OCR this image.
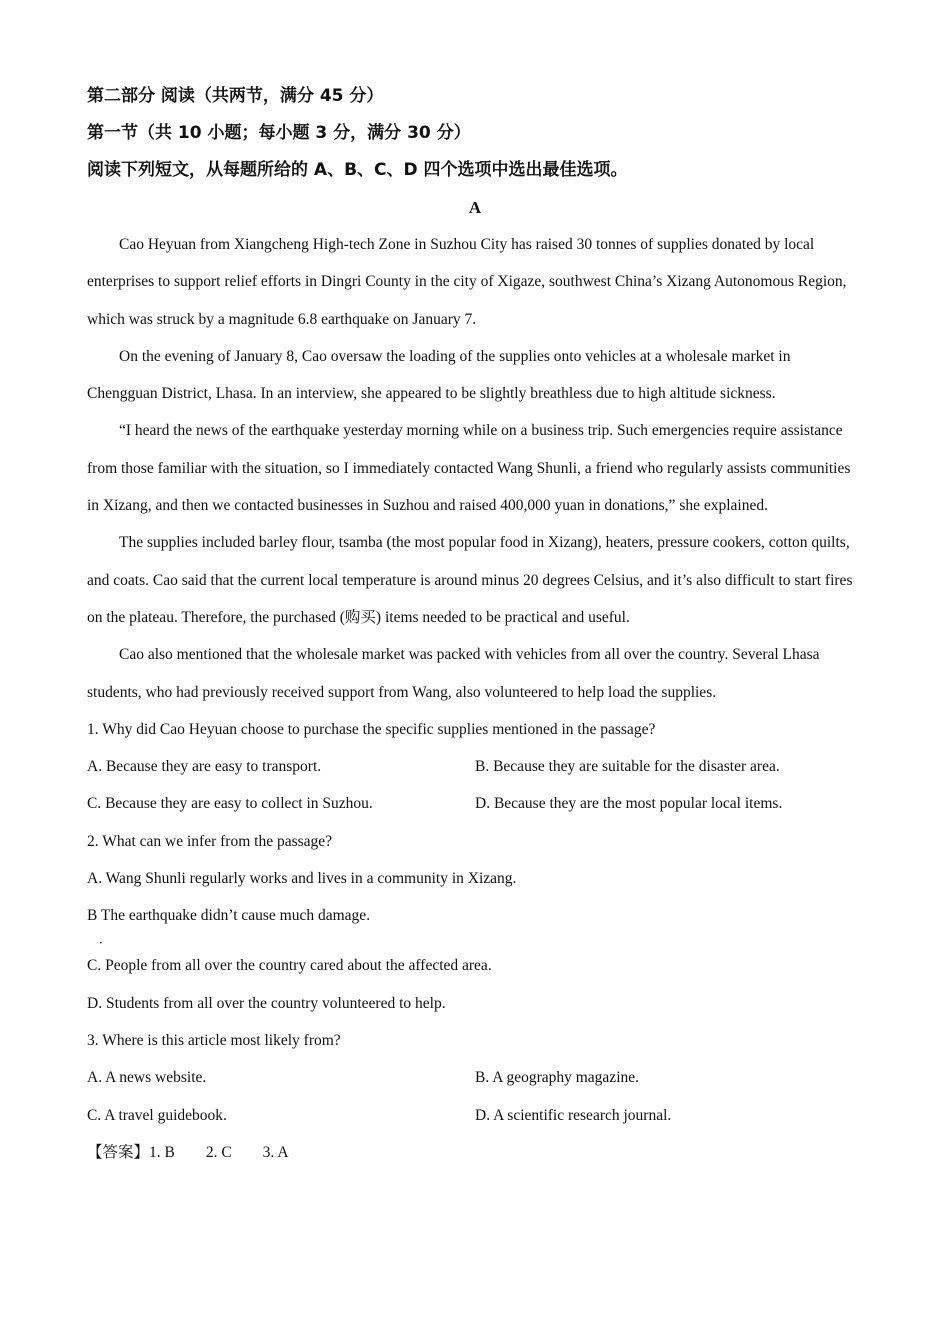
第二部分 阅读（共两节，满分 45 分）

第一节（共 10 小题；每小题 3 分，满分 30 分）

阅读下列短文，从每题所给的 A、B、C、D 四个选项中选出最佳选项。

A

Cao Heyuan from Xiangcheng High-tech Zone in Suzhou City has raised 30 tonnes of supplies donated by local enterprises to support relief efforts in Dingri County in the city of Xigaze, southwest China’s Xizang Autonomous Region, which was struck by a magnitude 6.8 earthquake on January 7.

On the evening of January 8, Cao oversaw the loading of the supplies onto vehicles at a wholesale market in Chengguan District, Lhasa. In an interview, she appeared to be slightly breathless due to high altitude sickness.

“I heard the news of the earthquake yesterday morning while on a business trip. Such emergencies require assistance from those familiar with the situation, so I immediately contacted Wang Shunli, a friend who regularly assists communities in Xizang, and then we contacted businesses in Suzhou and raised 400,000 yuan in donations,” she explained.

The supplies included barley flour, tsamba (the most popular food in Xizang), heaters, pressure cookers, cotton quilts, and coats. Cao said that the current local temperature is around minus 20 degrees Celsius, and it’s also difficult to start fires on the plateau. Therefore, the purchased (购买) items needed to be practical and useful.

Cao also mentioned that the wholesale market was packed with vehicles from all over the country. Several Lhasa students, who had previously received support from Wang, also volunteered to help load the supplies.

1. Why did Cao Heyuan choose to purchase the specific supplies mentioned in the passage?

A. Because they are easy to transport.	B. Because they are suitable for the disaster area.
C. Because they are easy to collect in Suzhou.	D. Because they are the most popular local items.

2. What can we infer from the passage?

A. Wang Shunli regularly works and lives in a community in Xizang.

B The earthquake didn’t cause much damage.
．

C. People from all over the country cared about the affected area.

D. Students from all over the country volunteered to help.

3. Where is this article most likely from?

A. A news website.	B. A geography magazine.
C. A travel guidebook.	D. A scientific research journal.

【答案】1. B        2. C        3. A
